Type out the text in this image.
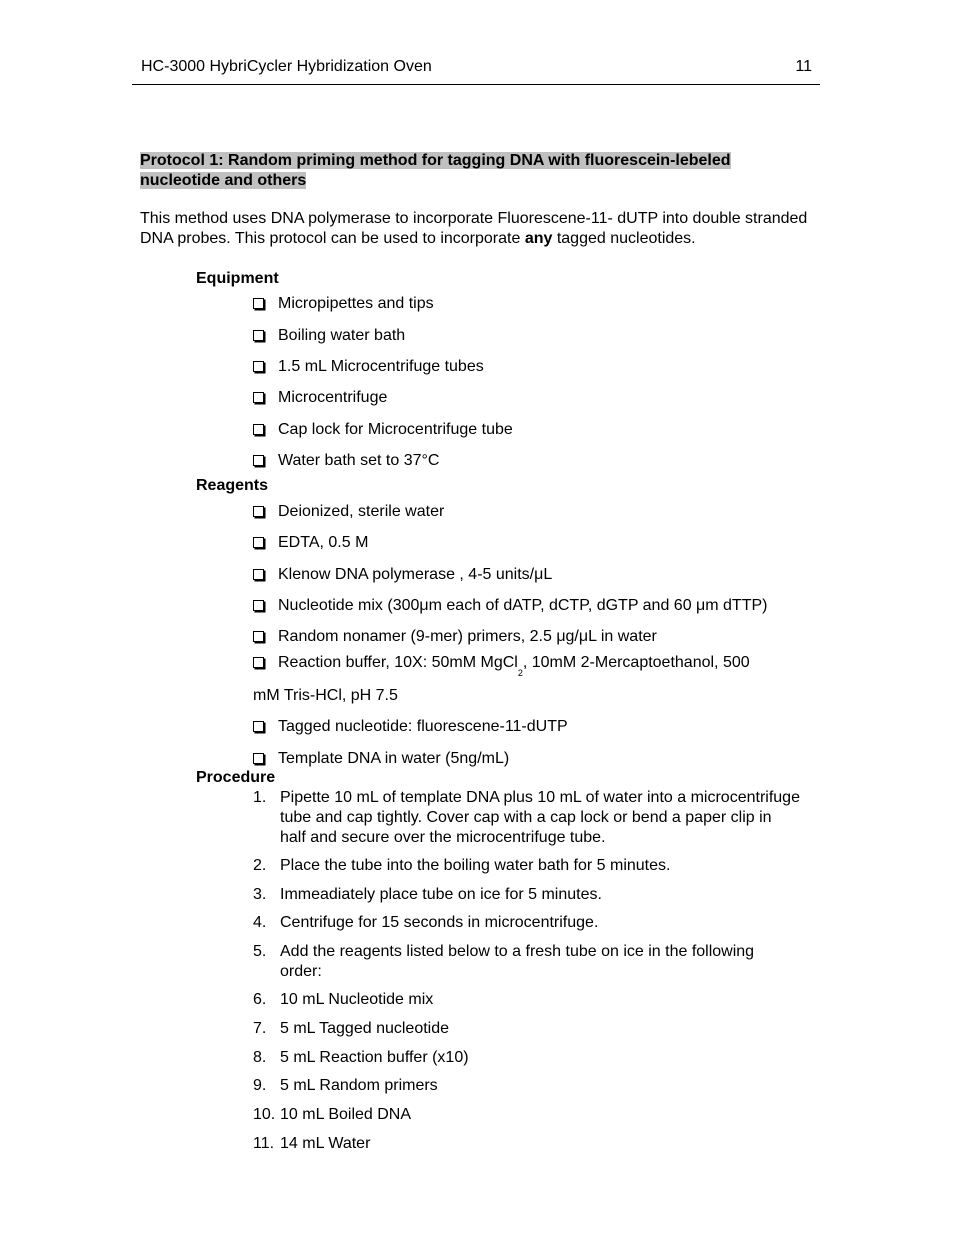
HC-3000 HybriCycler Hybridization Oven	11
Protocol 1: Random priming method for tagging DNA with fluorescein-lebeled nucleotide and others
This method uses DNA polymerase to incorporate Fluorescene-11- dUTP into double stranded DNA probes. This protocol can be used to incorporate any tagged nucleotides.
Equipment
Micropipettes and tips
Boiling water bath
1.5 mL Microcentrifuge tubes
Microcentrifuge
Cap lock for Microcentrifuge tube
Water bath set to 37°C
Reagents
Deionized, sterile water
EDTA, 0.5 M
Klenow DNA polymerase , 4-5 units/μL
Nucleotide mix (300μm each of dATP, dCTP, dGTP and 60 μm dTTP)
Random nonamer (9-mer) primers, 2.5 μg/μL in water
Reaction buffer, 10X: 50mM MgCl$_2$, 10mM 2-Mercaptoethanol, 500
mM Tris-HCl, pH 7.5
Tagged nucleotide: fluorescene-11-dUTP
Template DNA in water (5ng/mL)
Procedure
1. Pipette 10 mL of template DNA plus 10 mL of water into a microcentrifuge tube and cap tightly. Cover cap with a cap lock or bend a paper clip in half and secure over the microcentrifuge tube.
2. Place the tube into the boiling water bath for 5 minutes.
3. Immeadiately place tube on ice for 5 minutes.
4. Centrifuge for 15 seconds in microcentrifuge.
5. Add the reagents listed below to a fresh tube on ice in the following order:
6. 10 mL Nucleotide mix
7. 5 mL Tagged nucleotide
8. 5 mL Reaction buffer (x10)
9. 5 mL Random primers
10. 10 mL Boiled DNA
11. 14 mL Water
